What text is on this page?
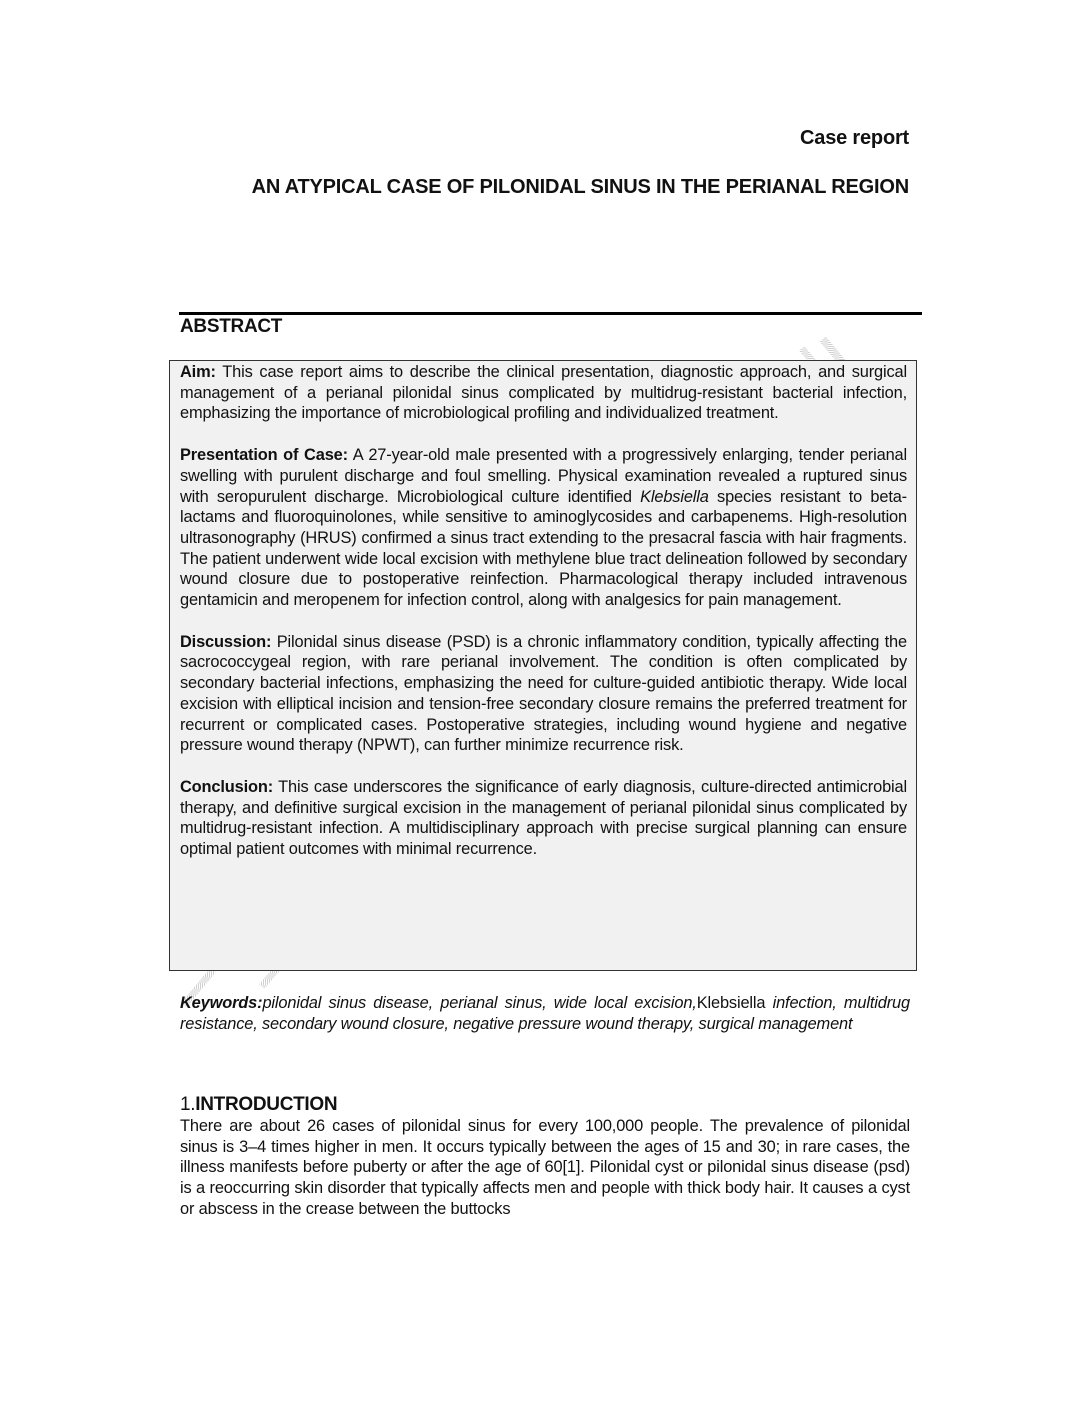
Case report
AN ATYPICAL CASE OF PILONIDAL SINUS IN THE PERIANAL REGION
ABSTRACT

Aim: This case report aims to describe the clinical presentation, diagnostic approach, and surgical management of a perianal pilonidal sinus complicated by multidrug-resistant bacterial infection, emphasizing the importance of microbiological profiling and individualized treatment.

Presentation of Case: A 27-year-old male presented with a progressively enlarging, tender perianal swelling with purulent discharge and foul smelling. Physical examination revealed a ruptured sinus with seropurulent discharge. Microbiological culture identified Klebsiella species resistant to beta-lactams and fluoroquinolones, while sensitive to aminoglycosides and carbapenems. High-resolution ultrasonography (HRUS) confirmed a sinus tract extending to the presacral fascia with hair fragments. The patient underwent wide local excision with methylene blue tract delineation followed by secondary wound closure due to postoperative reinfection. Pharmacological therapy included intravenous gentamicin and meropenem for infection control, along with analgesics for pain management.

Discussion: Pilonidal sinus disease (PSD) is a chronic inflammatory condition, typically affecting the sacrococcygeal region, with rare perianal involvement. The condition is often complicated by secondary bacterial infections, emphasizing the need for culture-guided antibiotic therapy. Wide local excision with elliptical incision and tension-free secondary closure remains the preferred treatment for recurrent or complicated cases. Postoperative strategies, including wound hygiene and negative pressure wound therapy (NPWT), can further minimize recurrence risk.

Conclusion: This case underscores the significance of early diagnosis, culture-directed antimicrobial therapy, and definitive surgical excision in the management of perianal pilonidal sinus complicated by multidrug-resistant infection. A multidisciplinary approach with precise surgical planning can ensure optimal patient outcomes with minimal recurrence.

Keywords:pilonidal sinus disease, perianal sinus, wide local excision,Klebsiella infection, multidrug resistance, secondary wound closure, negative pressure wound therapy, surgical management
1.INTRODUCTION
There are about 26 cases of pilonidal sinus for every 100,000 people. The prevalence of pilonidal sinus is 3–4 times higher in men. It occurs typically between the ages of 15 and 30; in rare cases, the illness manifests before puberty or after the age of 60[1]. Pilonidal cyst or pilonidal sinus disease (psd) is a reoccurring skin disorder that typically affects men and people with thick body hair. It causes a cyst or abscess in the crease between the buttocks
